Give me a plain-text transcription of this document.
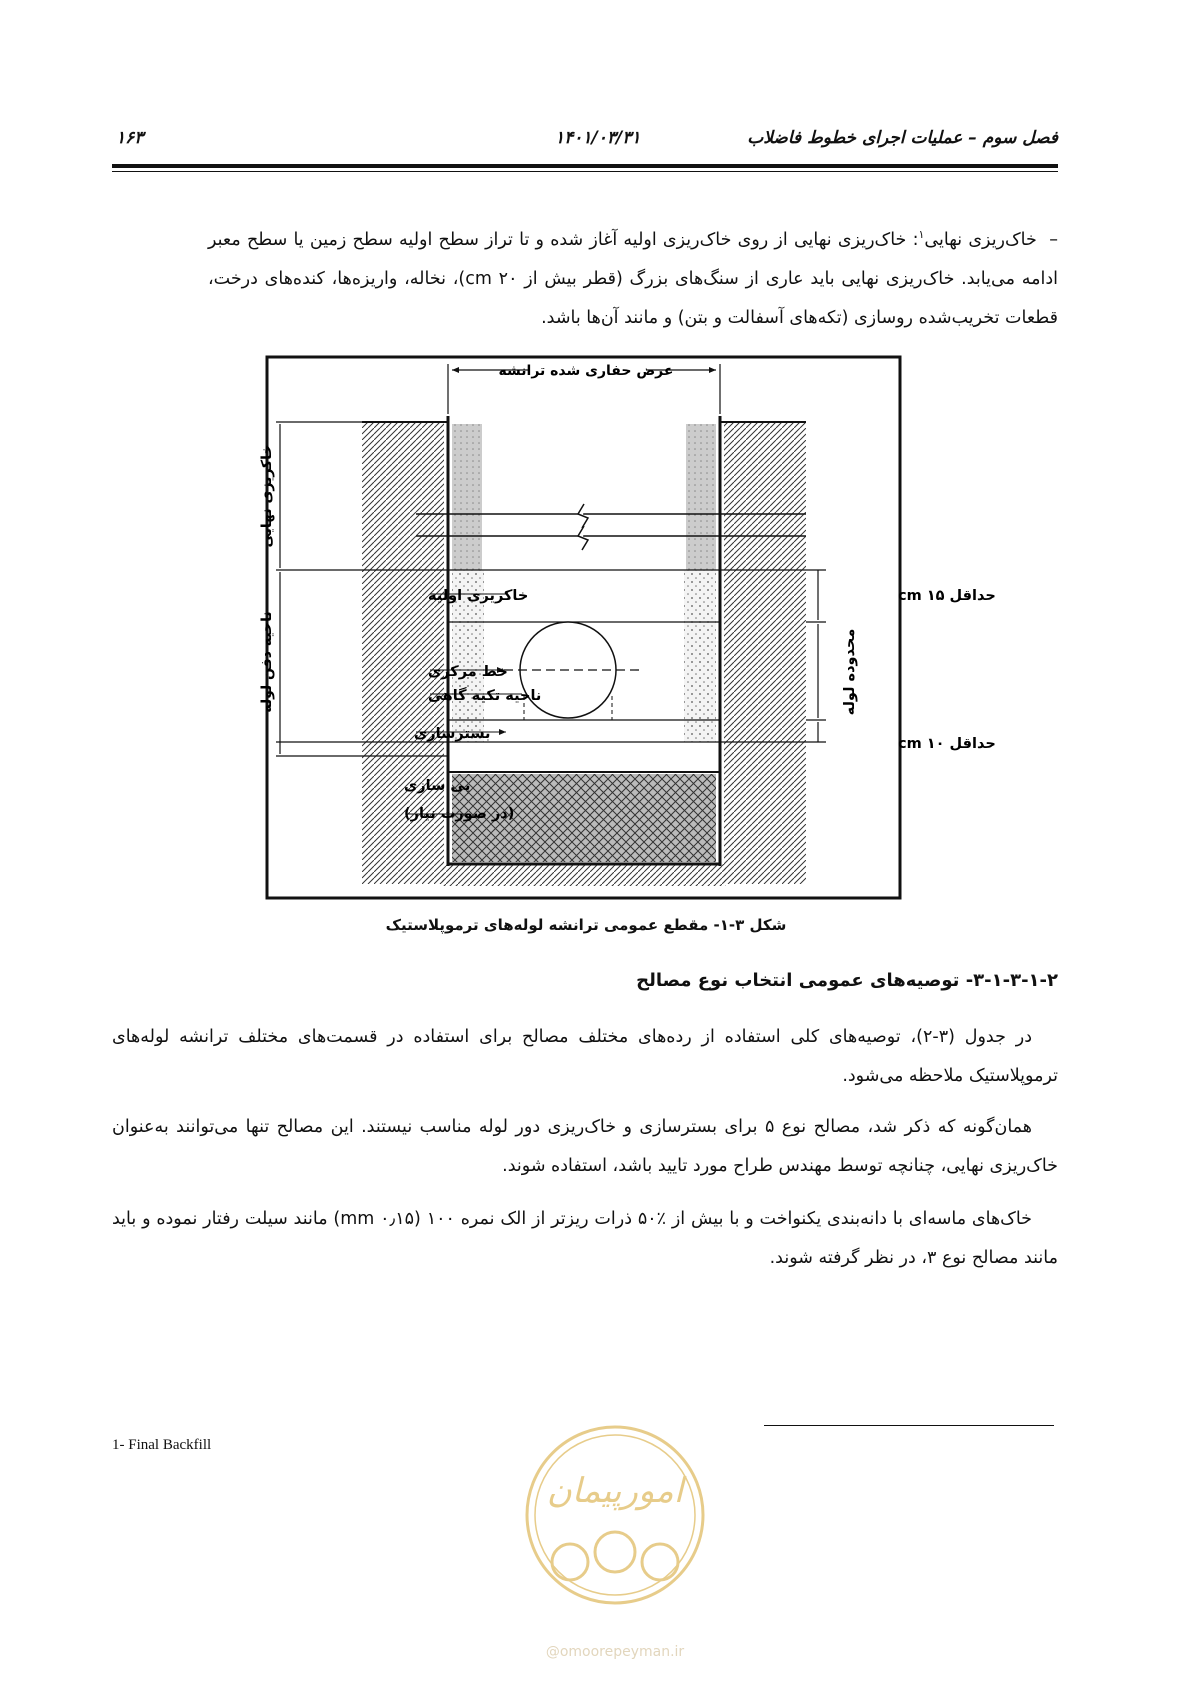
فصل سوم – عملیات اجرای خطوط فاضلاب
۱۴۰۱/۰۳/۳۱
۱۶۳
–  خاک‌ریزی نهایی$^۱$: خاک‌ریزی نهایی از روی خاک‌ریزی اولیه آغاز شده و تا تراز سطح اولیه سطح زمین یا سطح معبر ادامه می‌یابد. خاک‌ریزی نهایی باید عاری از سنگ‌های بزرگ (قطر بیش از ۲۰ cm)، نخاله، واریزه‌ها، کنده‌های درخت، قطعات تخریب‌شده روسازی (تکه‌های آسفالت و بتن) و مانند آن‌ها باشد.
عرض حفاری شده ترانشه
خاکریزی نهایی
ناحیه دفن لوله
خاکریزی اولیه
خط مرکزی
ناحیه تکیه گاهی
بسترسازی
پی سازی
(در صورت نیاز)
حداقل ۱۵ cm
محدوده لوله
حداقل ۱۰ cm
شکل ۳-۱- مقطع عمومی ترانشه لوله‌های ترموپلاستیک
۳-۱-۳-۱-۲- توصیه‌های عمومی انتخاب نوع مصالح
در جدول (۳-۲)، توصیه‌های کلی استفاده از رده‌های مختلف مصالح برای استفاده در قسمت‌های مختلف ترانشه لوله‌های ترموپلاستیک ملاحظه می‌شود.
همان‌گونه که ذکر شد، مصالح نوع ۵ برای بسترسازی و خاک‌ریزی دور لوله مناسب نیستند. این مصالح تنها می‌توانند به‌عنوان خاک‌ریزی نهایی، چنانچه توسط مهندس طراح مورد تایید باشد، استفاده شوند.
خاک‌های ماسه‌ای با دانه‌بندی یکنواخت و با بیش از ٪۵۰ ذرات ریزتر از الک نمره ۱۰۰ (۰٫۱۵ mm) مانند سیلت رفتار نموده و باید مانند مصالح نوع ۳، در نظر گرفته شوند.
1- Final Backfill
امورپیمان
@omoorepeyman.ir
